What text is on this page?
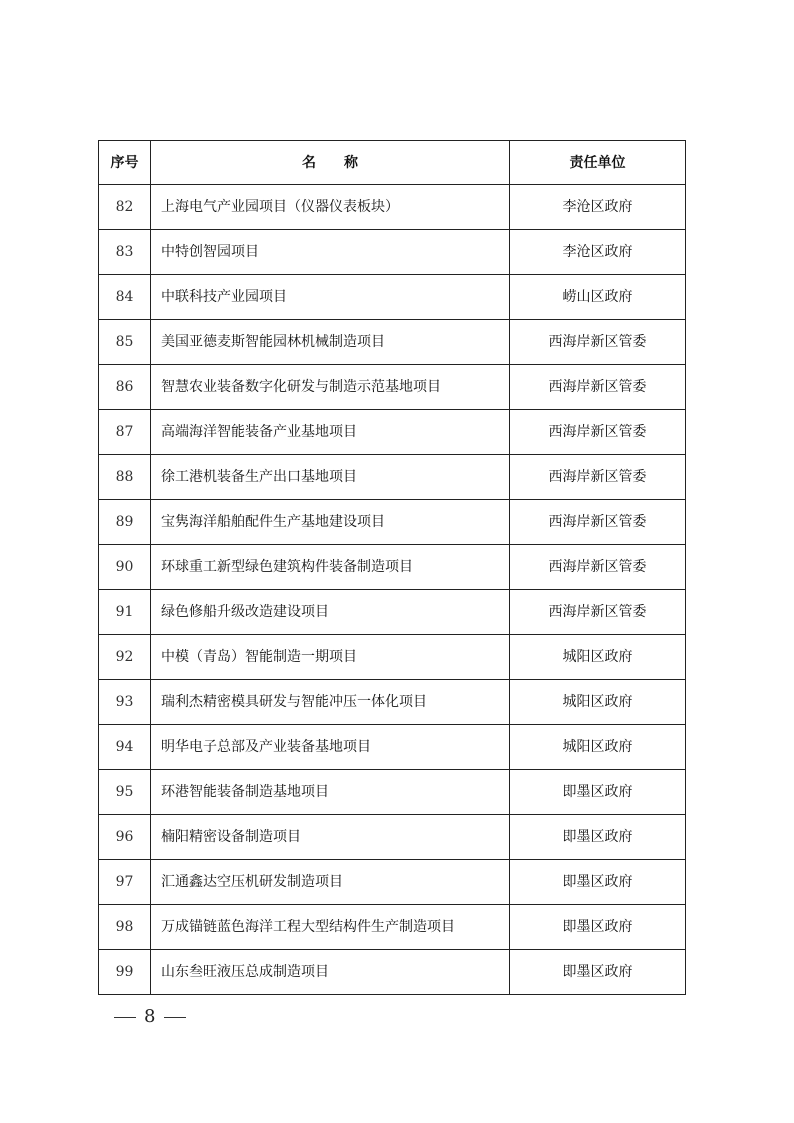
序号	名　　称	责任单位
82	上海电气产业园项目（仪器仪表板块）	李沧区政府
83	中特创智园项目	李沧区政府
84	中联科技产业园项目	崂山区政府
85	美国亚德麦斯智能园林机械制造项目	西海岸新区管委
86	智慧农业装备数字化研发与制造示范基地项目	西海岸新区管委
87	高端海洋智能装备产业基地项目	西海岸新区管委
88	徐工港机装备生产出口基地项目	西海岸新区管委
89	宝隽海洋船舶配件生产基地建设项目	西海岸新区管委
90	环球重工新型绿色建筑构件装备制造项目	西海岸新区管委
91	绿色修船升级改造建设项目	西海岸新区管委
92	中模（青岛）智能制造一期项目	城阳区政府
93	瑞利杰精密模具研发与智能冲压一体化项目	城阳区政府
94	明华电子总部及产业装备基地项目	城阳区政府
95	环港智能装备制造基地项目	即墨区政府
96	楠阳精密设备制造项目	即墨区政府
97	汇通鑫达空压机研发制造项目	即墨区政府
98	万成锚链蓝色海洋工程大型结构件生产制造项目	即墨区政府
99	山东叁旺液压总成制造项目	即墨区政府
8
